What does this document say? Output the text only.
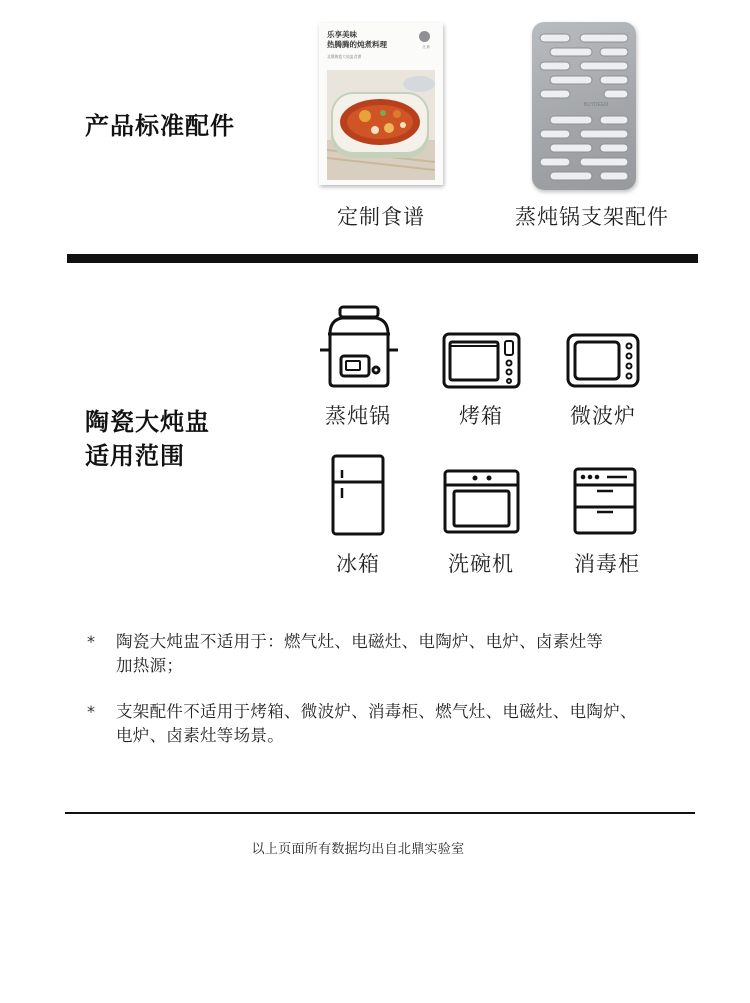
产品标准配件
乐享美味
热腾腾的炖煮料理
北鼎陶瓷大炖盅食谱
北 鼎
定制食谱
BUYDEEM
蒸炖锅支架配件
陶瓷大炖盅
适用范围
蒸炖锅	烤箱	微波炉
冰箱	洗碗机	消毒柜
* 陶瓷大炖盅不适用于：燃气灶、电磁灶、电陶炉、电炉、卤素灶等
加热源；
* 支架配件不适用于烤箱、微波炉、消毒柜、燃气灶、电磁灶、电陶炉、
电炉、卤素灶等场景。
以上页面所有数据均出自北鼎实验室
